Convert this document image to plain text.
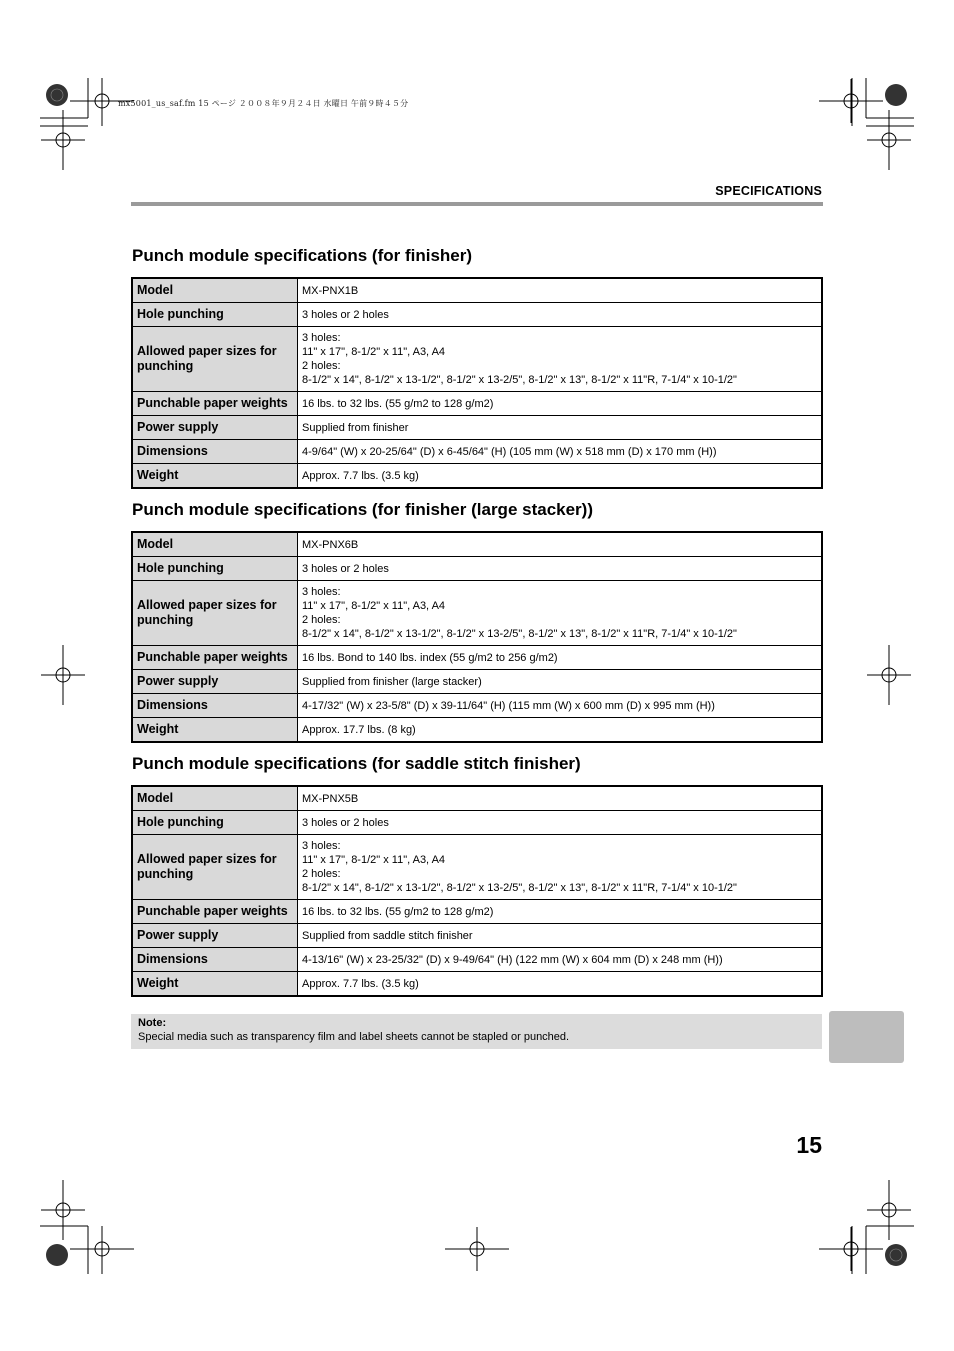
mx5001_us_saf.fm 15 ページ ２００８年９月２４日 水曜日 午前９時４５分
SPECIFICATIONS
Punch module specifications (for finisher)
Model	MX-PNX1B
Hole punching	3 holes or 2 holes
Allowed paper sizes for punching	3 holes:
11" x 17", 8-1/2" x 11", A3, A4
2 holes:
8-1/2" x 14", 8-1/2" x 13-1/2", 8-1/2" x 13-2/5", 8-1/2" x 13", 8-1/2" x 11"R, 7-1/4" x 10-1/2"
Punchable paper weights	16 lbs. to 32 lbs. (55 g/m2 to 128 g/m2)
Power supply	Supplied from finisher
Dimensions	4-9/64" (W) x 20-25/64" (D) x 6-45/64" (H) (105 mm (W) x 518 mm (D) x 170 mm (H))
Weight	Approx. 7.7 lbs. (3.5 kg)
Punch module specifications (for finisher (large stacker))
Model	MX-PNX6B
Hole punching	3 holes or 2 holes
Allowed paper sizes for punching	3 holes:
11" x 17", 8-1/2" x 11", A3, A4
2 holes:
8-1/2" x 14", 8-1/2" x 13-1/2", 8-1/2" x 13-2/5", 8-1/2" x 13", 8-1/2" x 11"R, 7-1/4" x 10-1/2"
Punchable paper weights	16 lbs. Bond to 140 lbs. index (55 g/m2 to 256 g/m2)
Power supply	Supplied from finisher (large stacker)
Dimensions	4-17/32" (W) x 23-5/8" (D) x 39-11/64" (H) (115 mm (W) x 600 mm (D) x 995 mm (H))
Weight	Approx. 17.7 lbs. (8 kg)
Punch module specifications (for saddle stitch finisher)
Model	MX-PNX5B
Hole punching	3 holes or 2 holes
Allowed paper sizes for punching	3 holes:
11" x 17", 8-1/2" x 11", A3, A4
2 holes:
8-1/2" x 14", 8-1/2" x 13-1/2", 8-1/2" x 13-2/5", 8-1/2" x 13", 8-1/2" x 11"R, 7-1/4" x 10-1/2"
Punchable paper weights	16 lbs. to 32 lbs. (55 g/m2 to 128 g/m2)
Power supply	Supplied from saddle stitch finisher
Dimensions	4-13/16" (W) x 23-25/32" (D) x 9-49/64" (H) (122 mm (W) x 604 mm (D) x 248 mm (H))
Weight	Approx. 7.7 lbs. (3.5 kg)
Note:
Special media such as transparency film and label sheets cannot be stapled or punched.
15
